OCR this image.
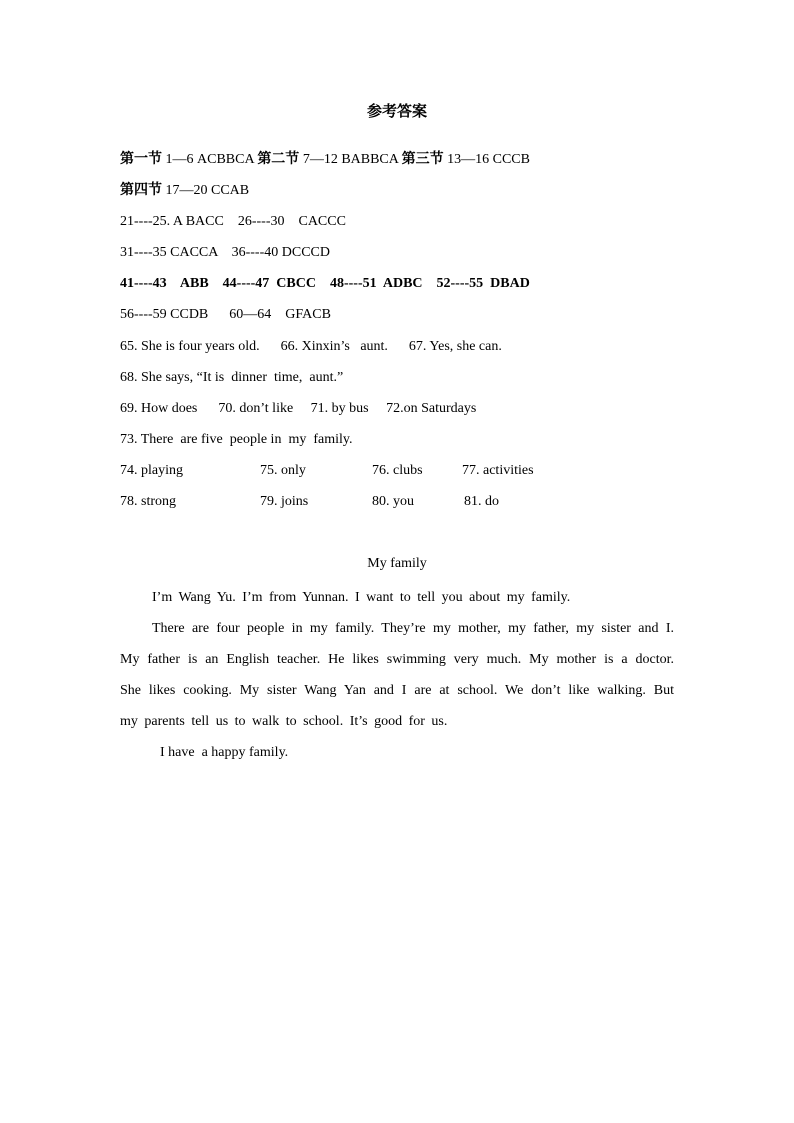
参考答案
第一节 1—6 ACBBCA 第二节 7—12 BABBCA 第三节 13—16 CCCB
第四节 17—20 CCAB
21----25. A BACC    26----30    CACCC
31----35 CACCA    36----40 DCCCD
41----43    ABB    44----47  CBCC    48----51  ADBC    52----55  DBAD
56----59 CCDB      60—64    GFACB
65. She is four years old.      66. Xinxin’s   aunt.      67. Yes, she can.
68. She says, “It is  dinner  time,  aunt.”
69. How does      70. don’t like     71. by bus     72.on Saturdays
73. There  are five  people in  my  family.
74. playing	75. only	76. clubs	77. activities
78. strong	79. joins	80. you	81. do
My family
I’m Wang Yu. I’m from Yunnan. I want to tell you about my family.
There are four people in my family. They’re my mother, my father, my sister and I. My father is an English teacher. He likes swimming very much. My mother is a doctor. She likes cooking. My sister Wang Yan and I are at school. We don’t like walking. But my parents tell us to walk to school. It’s good for us.
I have  a happy family.
